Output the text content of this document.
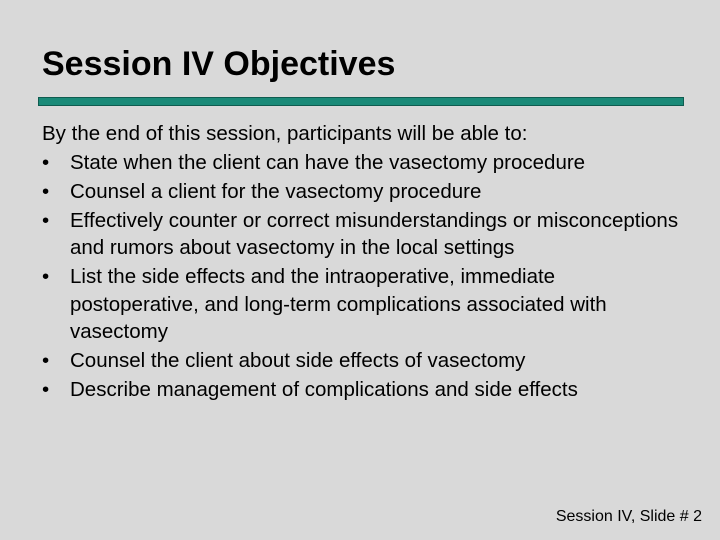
Session IV Objectives

By the end of this session, participants will be able to:

•	State when the client can have the vasectomy procedure
•	Counsel a client for the vasectomy procedure
•	Effectively counter or correct misunderstandings or misconceptions and rumors about vasectomy in the local settings
•	List the side effects and the intraoperative, immediate postoperative, and long-term complications associated with vasectomy
•	Counsel the client about side effects of vasectomy
•	Describe management of complications and side effects
Session IV, Slide # 2
